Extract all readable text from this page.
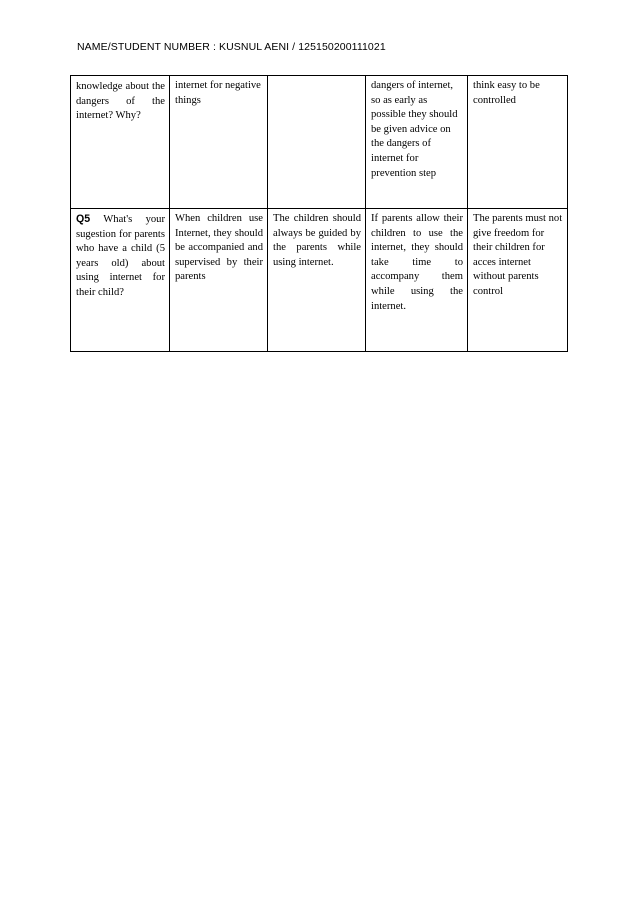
NAME/STUDENT NUMBER : KUSNUL AENI / 125150200111021
knowledge about the dangers of the internet? Why?	internet for negative things		dangers of internet, so as early as possible they should be given advice on the dangers of internet for prevention step	think easy to be controlled
Q5 What's your sugestion for parents who have a child (5 years old) about using internet for their child?	When children use Internet, they should be accompanied and supervised by their parents	The children should always be guided by the parents while using internet.	If parents allow their children to use the internet, they should take time to accompany them while using the internet.	The parents must not give freedom for their children for acces internet without parents control
